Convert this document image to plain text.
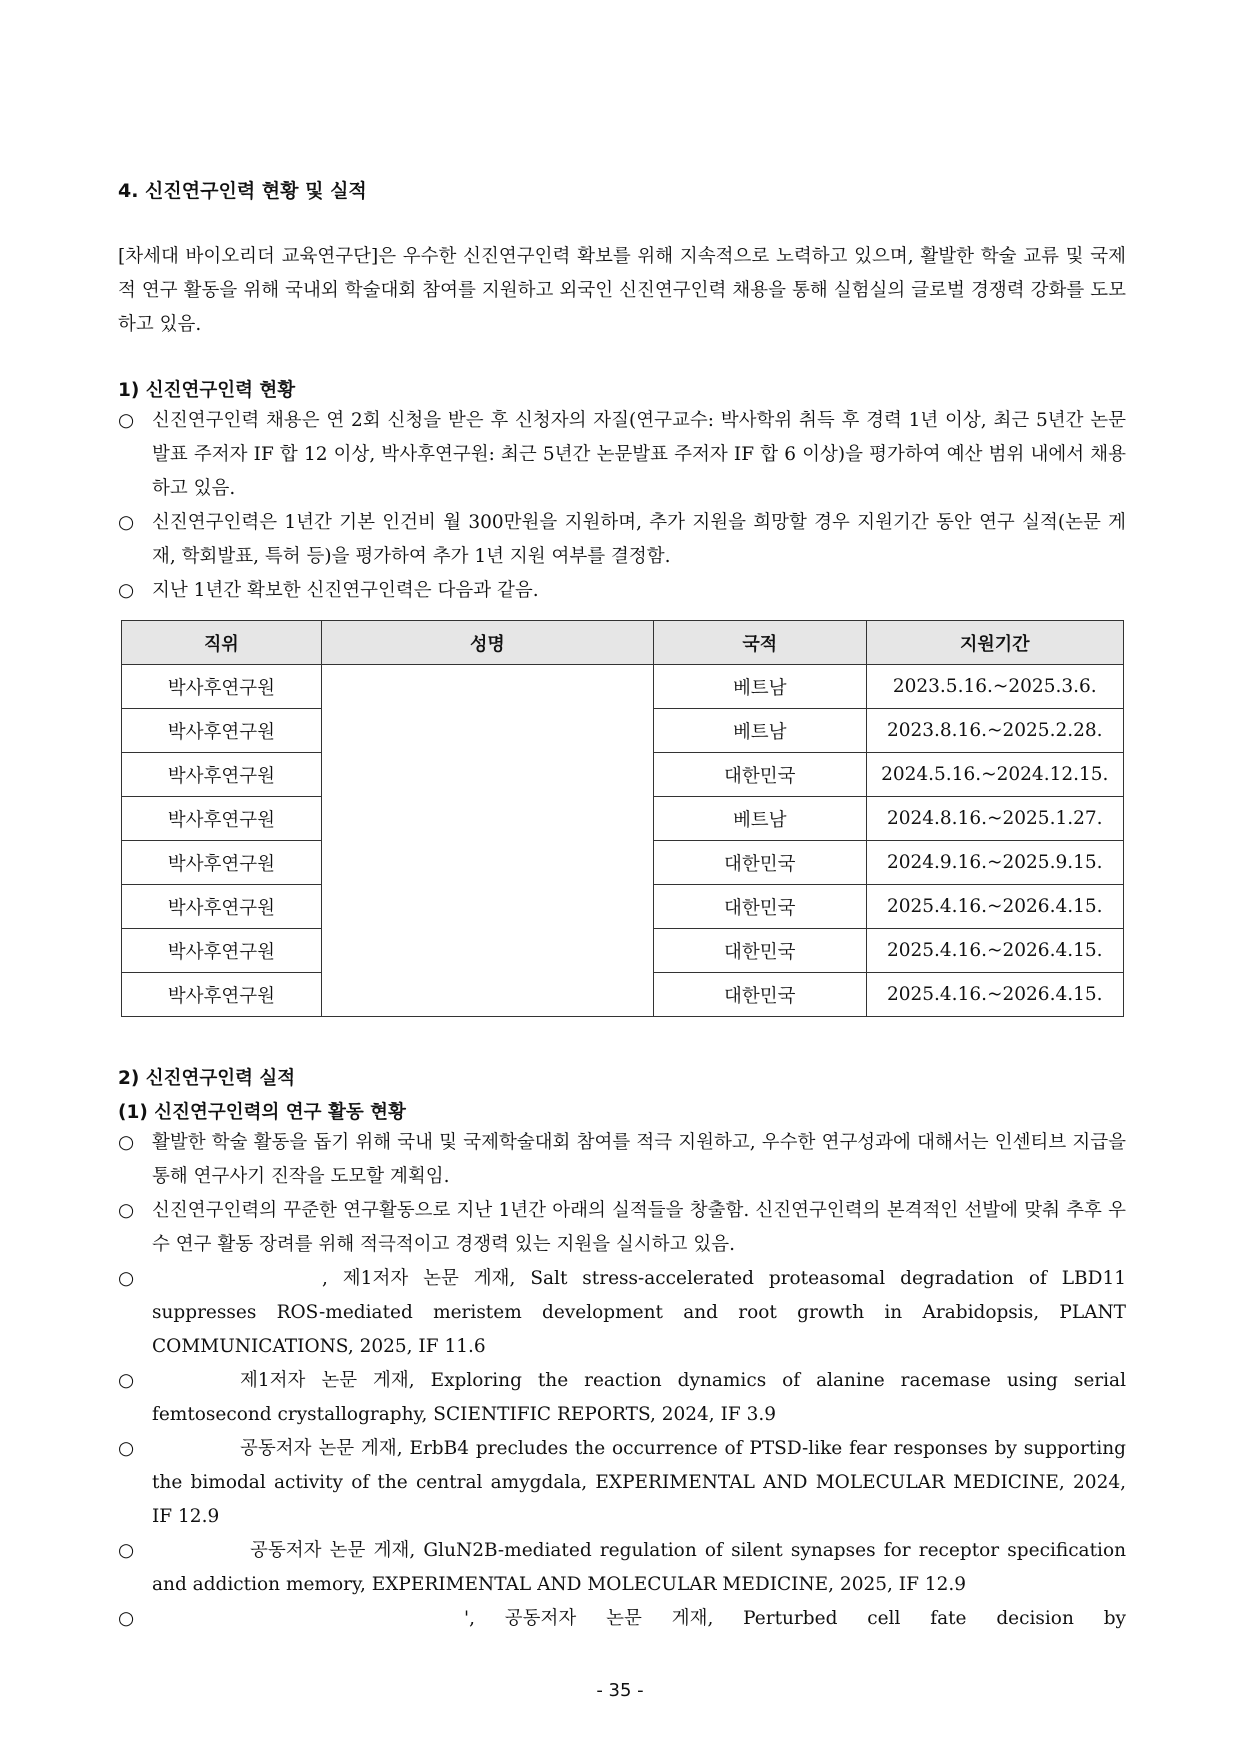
4. 신진연구인력 현황 및 실적
[차세대 바이오리더 교육연구단]은 우수한 신진연구인력 확보를 위해 지속적으로 노력하고 있으며, 활발한 학술 교류 및 국제적 연구 활동을 위해 국내외 학술대회 참여를 지원하고 외국인 신진연구인력 채용을 통해 실험실의 글로벌 경쟁력 강화를 도모하고 있음.
1) 신진연구인력 현황
○ 신진연구인력 채용은 연 2회 신청을 받은 후 신청자의 자질(연구교수: 박사학위 취득 후 경력 1년 이상, 최근 5년간 논문발표 주저자 IF 합 12 이상, 박사후연구원: 최근 5년간 논문발표 주저자 IF 합 6 이상)을 평가하여 예산 범위 내에서 채용하고 있음.
○ 신진연구인력은 1년간 기본 인건비 월 300만원을 지원하며, 추가 지원을 희망할 경우 지원기간 동안 연구 실적(논문 게재, 학회발표, 특허 등)을 평가하여 추가 1년 지원 여부를 결정함.
○ 지난 1년간 확보한 신진연구인력은 다음과 같음.
직위	성명	국적	지원기간
박사후연구원		베트남	2023.5.16.~2025.3.6.
박사후연구원		베트남	2023.8.16.~2025.2.28.
박사후연구원		대한민국	2024.5.16.~2024.12.15.
박사후연구원		베트남	2024.8.16.~2025.1.27.
박사후연구원		대한민국	2024.9.16.~2025.9.15.
박사후연구원		대한민국	2025.4.16.~2026.4.15.
박사후연구원		대한민국	2025.4.16.~2026.4.15.
박사후연구원		대한민국	2025.4.16.~2026.4.15.
2) 신진연구인력 실적
(1) 신진연구인력의 연구 활동 현황
○ 활발한 학술 활동을 돕기 위해 국내 및 국제학술대회 참여를 적극 지원하고, 우수한 연구성과에 대해서는 인센티브 지급을 통해 연구사기 진작을 도모할 계획임.
○ 신진연구인력의 꾸준한 연구활동으로 지난 1년간 아래의 실적들을 창출함. 신진연구인력의 본격적인 선발에 맞춰 추후 우수 연구 활동 장려를 위해 적극적이고 경쟁력 있는 지원을 실시하고 있음.
○	, 제1저자 논문 게재, Salt stress-accelerated proteasomal degradation of LBD11 suppresses ROS-mediated meristem development and root growth in Arabidopsis, PLANT COMMUNICATIONS, 2025, IF 11.6
○	제1저자 논문 게재, Exploring the reaction dynamics of alanine racemase using serial femtosecond crystallography, SCIENTIFIC REPORTS, 2024, IF 3.9
○	공동저자 논문 게재, ErbB4 precludes the occurrence of PTSD-like fear responses by supporting the bimodal activity of the central amygdala, EXPERIMENTAL AND MOLECULAR MEDICINE, 2024, IF 12.9
○	공동저자 논문 게재, GluN2B-mediated regulation of silent synapses for receptor specification and addiction memory, EXPERIMENTAL AND MOLECULAR MEDICINE, 2025, IF 12.9
○	', 공동저자 논문 게재, Perturbed cell fate decision by
- 35 -
